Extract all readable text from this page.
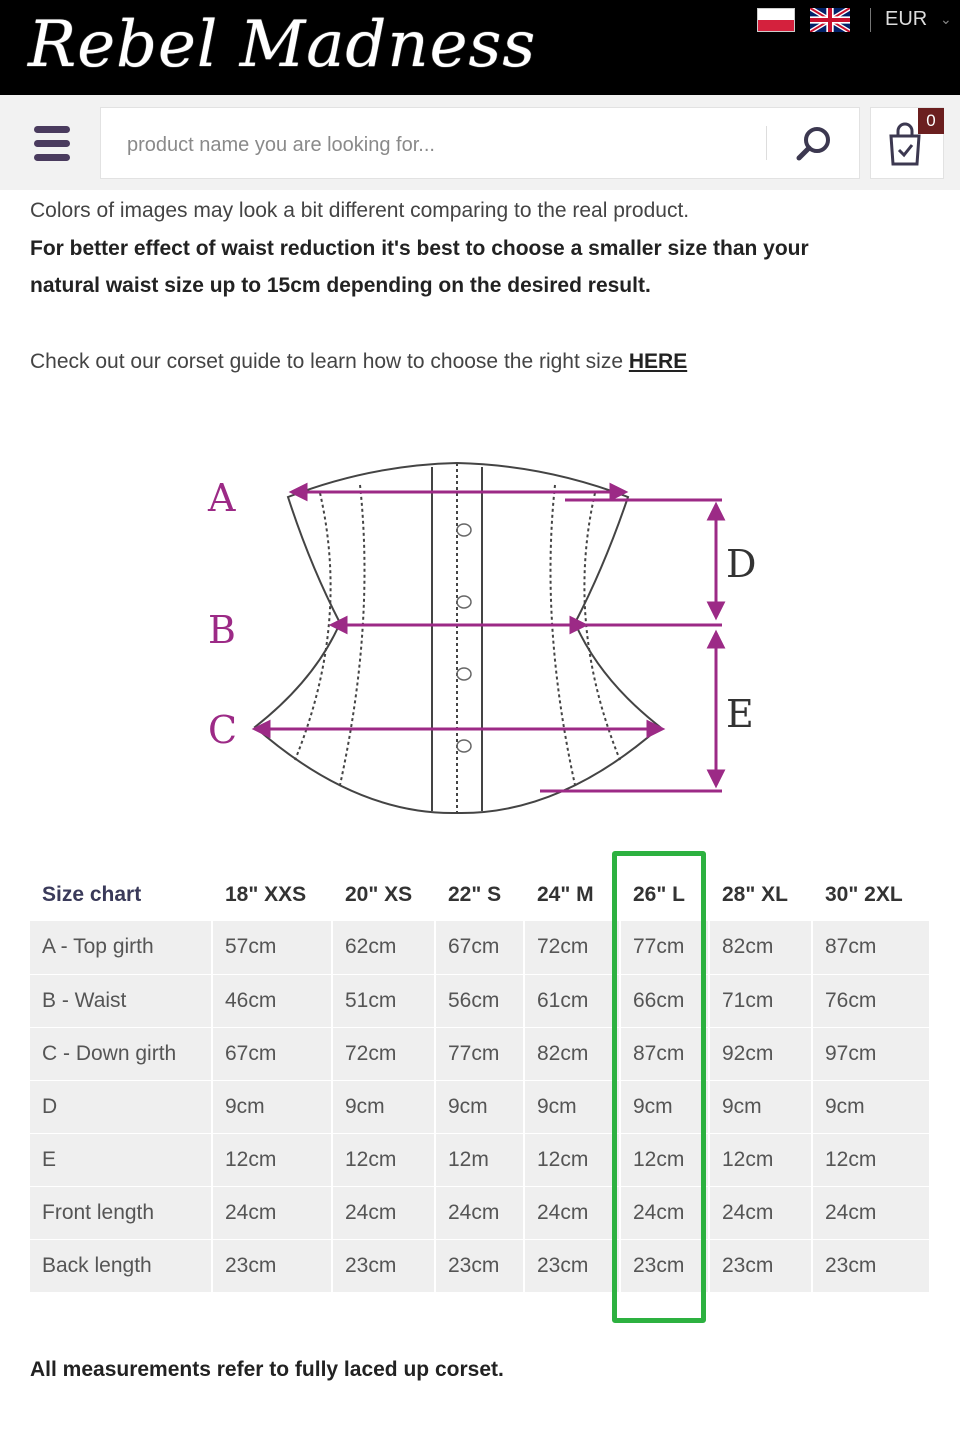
Rebel Madness	EUR ⌄
product name you are looking for...
0
Colors of images may look a bit different comparing to the real product.
For better effect of waist reduction it's best to choose a smaller size than your
natural waist size up to 15cm depending on the desired result.
Check out our corset guide to learn how to choose the right size HERE
A
B
C
D
E
Size chart	18" XXS	20" XS	22" S	24" M	26" L	28" XL	30" 2XL
A - Top girth	57cm	62cm	67cm	72cm	77cm	82cm	87cm
B - Waist	46cm	51cm	56cm	61cm	66cm	71cm	76cm
C - Down girth	67cm	72cm	77cm	82cm	87cm	92cm	97cm
D	9cm	9cm	9cm	9cm	9cm	9cm	9cm
E	12cm	12cm	12m	12cm	12cm	12cm	12cm
Front length	24cm	24cm	24cm	24cm	24cm	24cm	24cm
Back length	23cm	23cm	23cm	23cm	23cm	23cm	23cm
All measurements refer to fully laced up corset.
